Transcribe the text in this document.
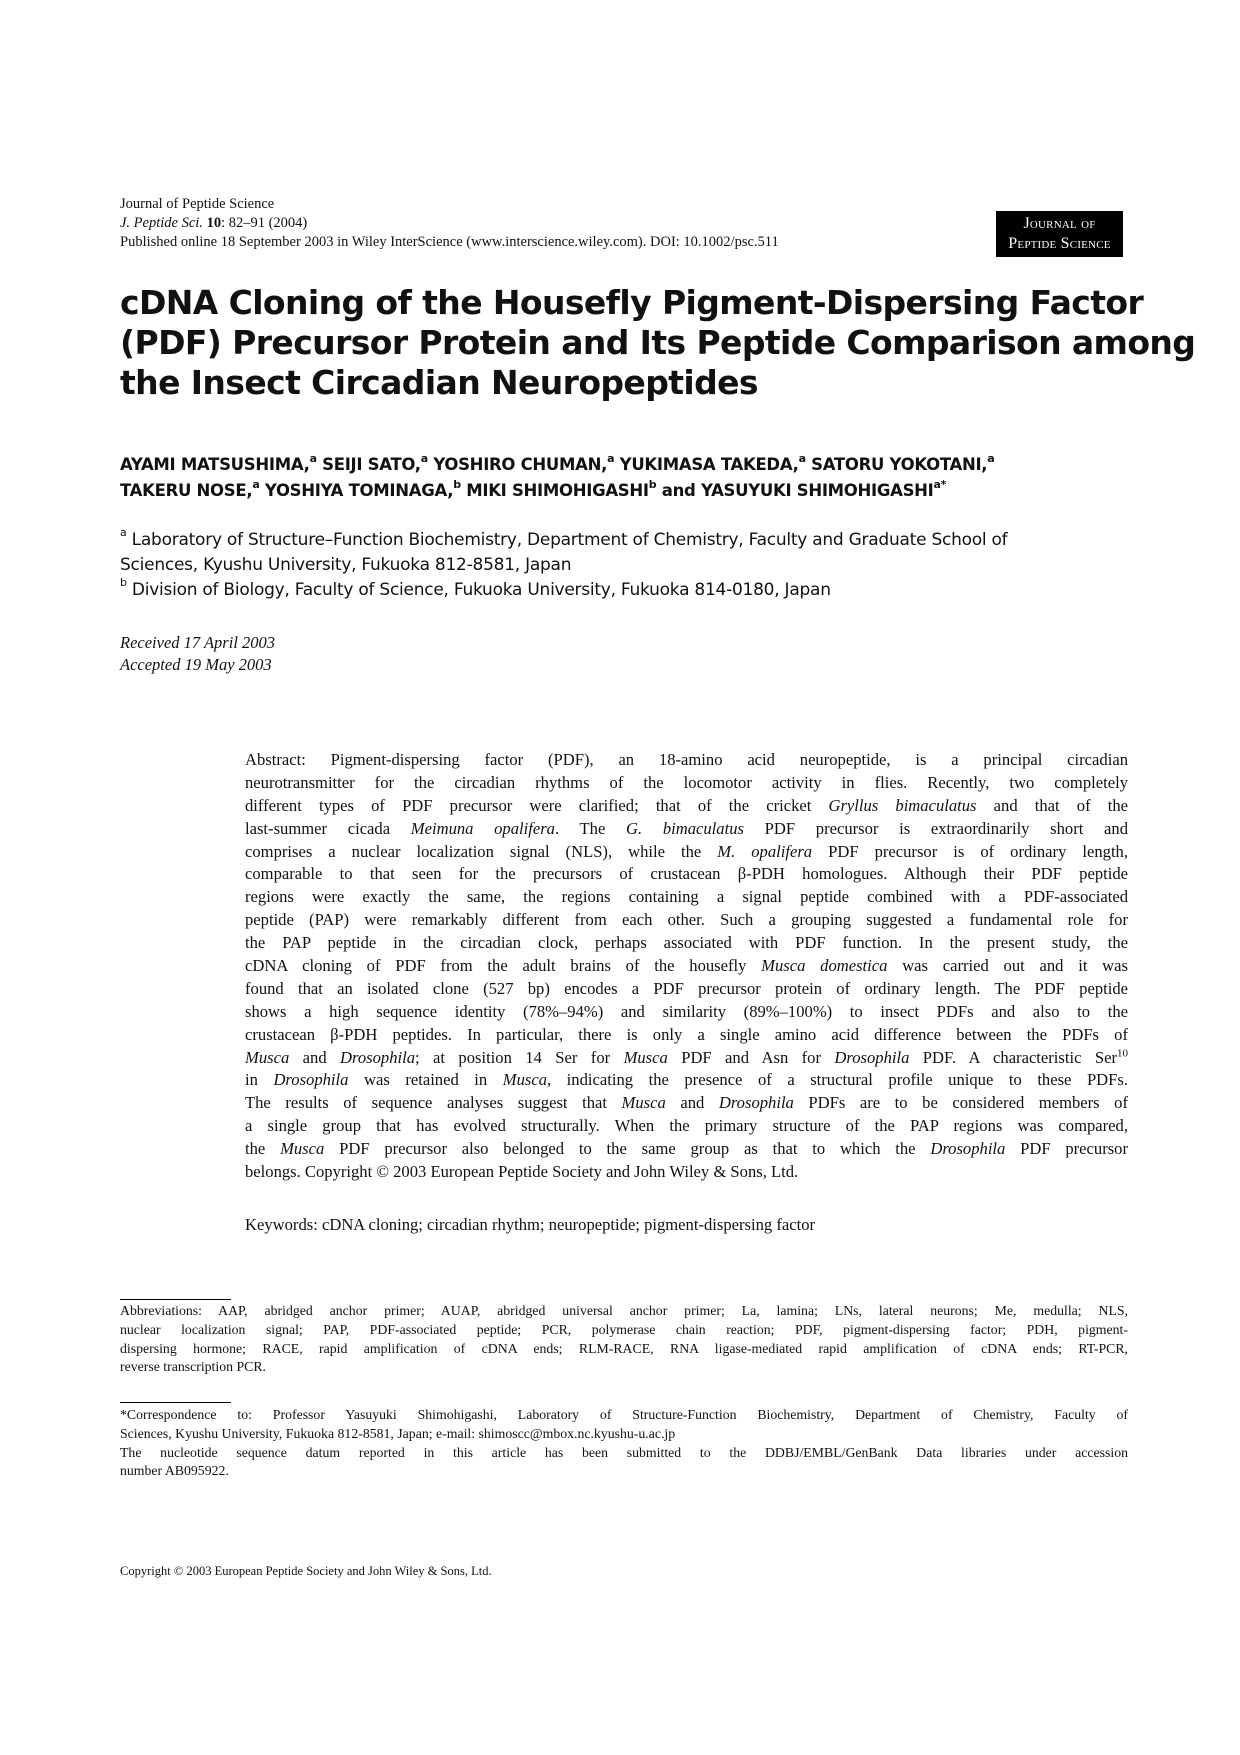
Journal of Peptide Science
J. Peptide Sci. 10: 82–91 (2004)
Published online 18 September 2003 in Wiley InterScience (www.interscience.wiley.com). DOI: 10.1002/psc.511
Journal of
Peptide Science
cDNA Cloning of the Housefly Pigment-Dispersing Factor
(PDF) Precursor Protein and Its Peptide Comparison among
the Insect Circadian Neuropeptides
AYAMI MATSUSHIMA,$^a$ SEIJI SATO,$^a$ YOSHIRO CHUMAN,$^a$ YUKIMASA TAKEDA,$^a$ SATORU YOKOTANI,$^a$
TAKERU NOSE,$^a$ YOSHIYA TOMINAGA,$^b$ MIKI SHIMOHIGASHI$^b$ and YASUYUKI $SHIMOHIGASHI^{a*}$
$^a$ Laboratory of Structure–Function Biochemistry, Department of Chemistry, Faculty and Graduate School of
Sciences, Kyushu University, Fukuoka 812-8581, Japan
$^b$ Division of Biology, Faculty of Science, Fukuoka University, Fukuoka 814-0180, Japan
Received 17 April 2003
Accepted 19 May 2003
Abstract: Pigment-dispersing factor (PDF), an 18-amino acid neuropeptide, is a principal circadian
neurotransmitter for the circadian rhythms of the locomotor activity in flies. Recently, two completely
different types of PDF precursor were clarified; that of the cricket Gryllus bimaculatus and that of the
last-summer cicada Meimuna opalifera. The G. bimaculatus PDF precursor is extraordinarily short and
comprises a nuclear localization signal (NLS), while the M. opalifera PDF precursor is of ordinary length,
comparable to that seen for the precursors of crustacean β-PDH homologues. Although their PDF peptide
regions were exactly the same, the regions containing a signal peptide combined with a PDF-associated
peptide (PAP) were remarkably different from each other. Such a grouping suggested a fundamental role for
the PAP peptide in the circadian clock, perhaps associated with PDF function. In the present study, the
cDNA cloning of PDF from the adult brains of the housefly Musca domestica was carried out and it was
found that an isolated clone (527 bp) encodes a PDF precursor protein of ordinary length. The PDF peptide
shows a high sequence identity (78%–94%) and similarity (89%–100%) to insect PDFs and also to the
crustacean β-PDH peptides. In particular, there is only a single amino acid difference between the PDFs of
Musca and Drosophila; at position 14 Ser for Musca PDF and Asn for Drosophila PDF. A characteristic Ser$^{10}$
in Drosophila was retained in Musca, indicating the presence of a structural profile unique to these PDFs.
The results of sequence analyses suggest that Musca and Drosophila PDFs are to be considered members of
a single group that has evolved structurally. When the primary structure of the PAP regions was compared,
the Musca PDF precursor also belonged to the same group as that to which the Drosophila PDF precursor
belongs. Copyright © 2003 European Peptide Society and John Wiley & Sons, Ltd.
Keywords: cDNA cloning; circadian rhythm; neuropeptide; pigment-dispersing factor
Abbreviations: AAP, abridged anchor primer; AUAP, abridged universal anchor primer; La, lamina; LNs, lateral neurons; Me, medulla; NLS,
nuclear localization signal; PAP, PDF-associated peptide; PCR, polymerase chain reaction; PDF, pigment-dispersing factor; PDH, pigment-
dispersing hormone; RACE, rapid amplification of cDNA ends; RLM-RACE, RNA ligase-mediated rapid amplification of cDNA ends; RT-PCR,
reverse transcription PCR.
*Correspondence to: Professor Yasuyuki Shimohigashi, Laboratory of Structure-Function Biochemistry, Department of Chemistry, Faculty of
Sciences, Kyushu University, Fukuoka 812-8581, Japan; e-mail: shimoscc@mbox.nc.kyushu-u.ac.jp
The nucleotide sequence datum reported in this article has been submitted to the DDBJ/EMBL/GenBank Data libraries under accession
number AB095922.
Copyright © 2003 European Peptide Society and John Wiley & Sons, Ltd.
